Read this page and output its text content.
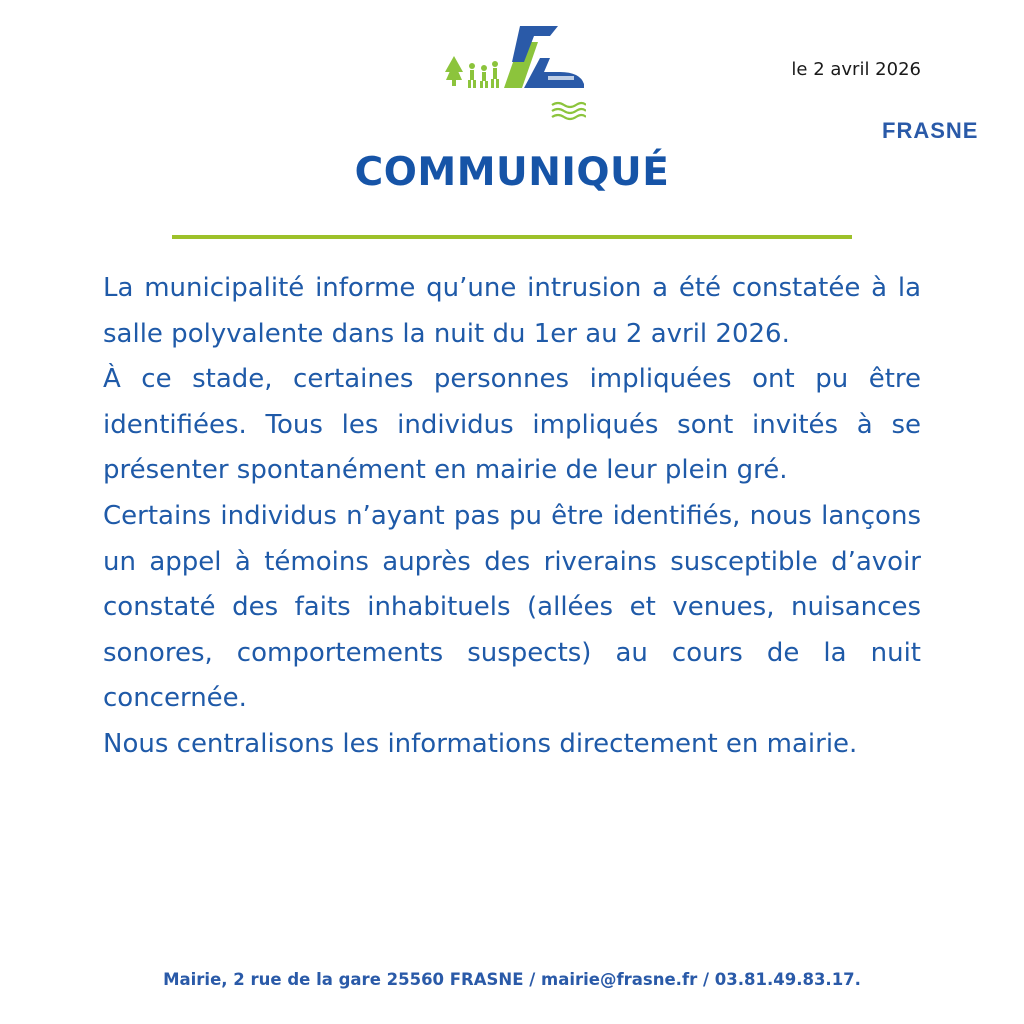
FRASNE
le 2 avril 2026
COMMUNIQUÉ

La municipalité informe qu’une intrusion a été constatée à la salle polyvalente dans la nuit du 1er au 2 avril 2026.

À ce stade, certaines personnes impliquées ont pu être identifiées. Tous les individus impliqués sont invités à se présenter spontanément en mairie de leur plein gré.

Certains individus n’ayant pas pu être identifiés, nous lançons un appel à témoins auprès des riverains susceptible d’avoir constaté des faits inhabituels (allées et venues, nuisances sonores, comportements suspects) au cours de la nuit concernée.

Nous centralisons les informations directement en mairie.

Mairie, 2 rue de la gare 25560 FRASNE / mairie@frasne.fr / 03.81.49.83.17.
